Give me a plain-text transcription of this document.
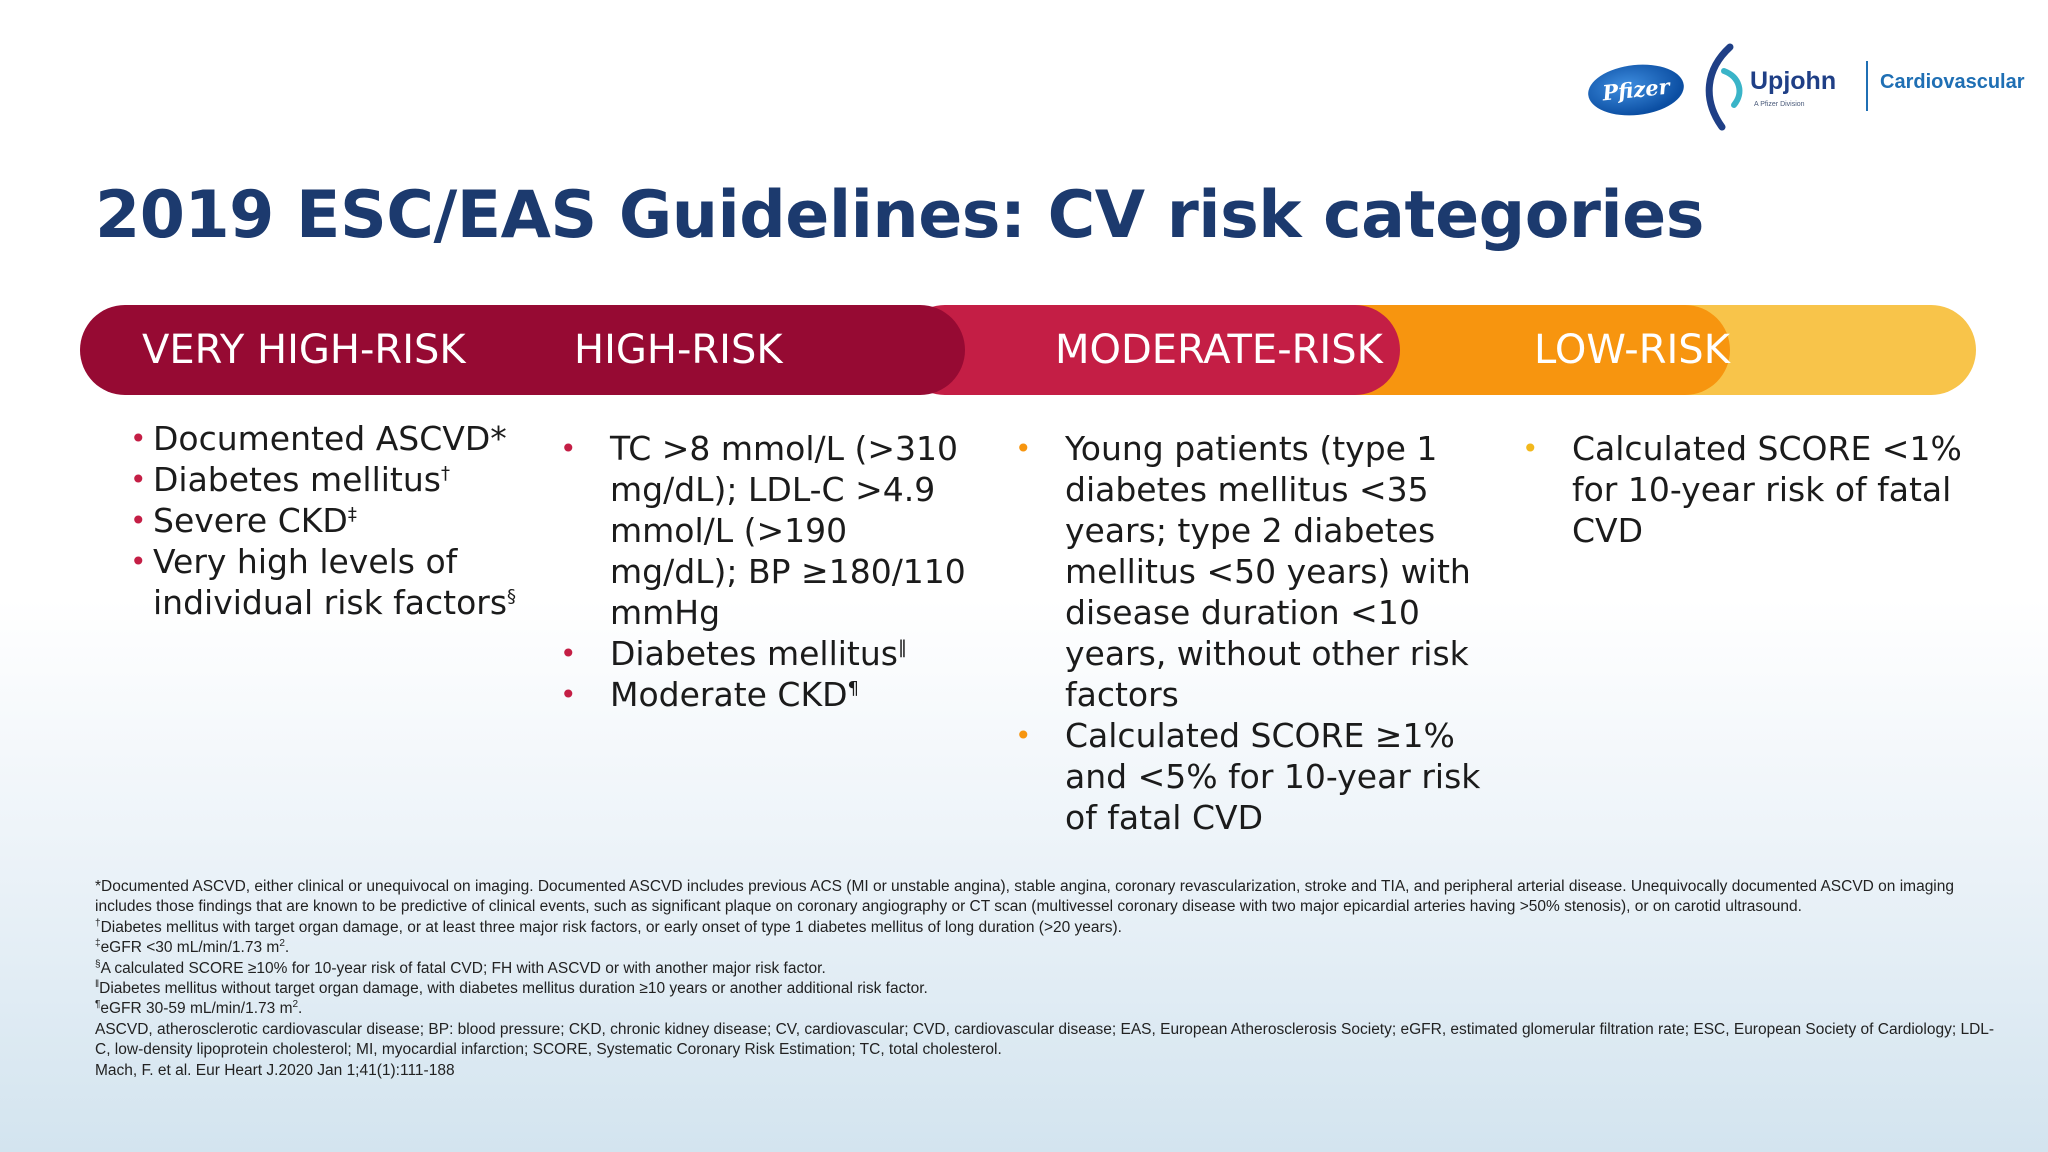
Pfizer	Upjohn
A Pfizer Division
Cardiovascular
2019 ESC/EAS Guidelines: CV risk categories
VERY HIGH-RISK	HIGH-RISK	MODERATE-RISK	LOW-RISK
• Documented ASCVD*
• Diabetes mellitus†
• Severe CKD‡
• Very high levels of individual risk factors§
• TC >8 mmol/L (>310 mg/dL); LDL-C >4.9 mmol/L (>190 mg/dL); BP ≥180/110 mmHg
• Diabetes mellitus‖
• Moderate CKD¶
• Young patients (type 1 diabetes mellitus <35 years; type 2 diabetes mellitus <50 years) with disease duration <10 years, without other risk factors
• Calculated SCORE ≥1% and <5% for 10-year risk of fatal CVD
• Calculated SCORE <1% for 10-year risk of fatal CVD

*Documented ASCVD, either clinical or unequivocal on imaging. Documented ASCVD includes previous ACS (MI or unstable angina), stable angina, coronary revascularization, stroke and TIA, and peripheral arterial disease. Unequivocally documented ASCVD on imaging includes those findings that are known to be predictive of clinical events, such as significant plaque on coronary angiography or CT scan (multivessel coronary disease with two major epicardial arteries having >50% stenosis), or on carotid ultrasound.

†Diabetes mellitus with target organ damage, or at least three major risk factors, or early onset of type 1 diabetes mellitus of long duration (>20 years).

‡eGFR <30 mL/min/1.73 $m^2$.

§A calculated SCORE ≥10% for 10-year risk of fatal CVD; FH with ASCVD or with another major risk factor.

‖Diabetes mellitus without target organ damage, with diabetes mellitus duration ≥10 years or another additional risk factor.

¶eGFR 30-59 mL/min/1.73 $m^2$.

ASCVD, atherosclerotic cardiovascular disease; BP: blood pressure; CKD, chronic kidney disease; CV, cardiovascular; CVD, cardiovascular disease; EAS, European Atherosclerosis Society; eGFR, estimated glomerular filtration rate; ESC, European Society of Cardiology; LDL-C, low-density lipoprotein cholesterol; MI, myocardial infarction; SCORE, Systematic Coronary Risk Estimation; TC, total cholesterol.

Mach, F. et al. Eur Heart J.2020 Jan 1;41(1):111-188
